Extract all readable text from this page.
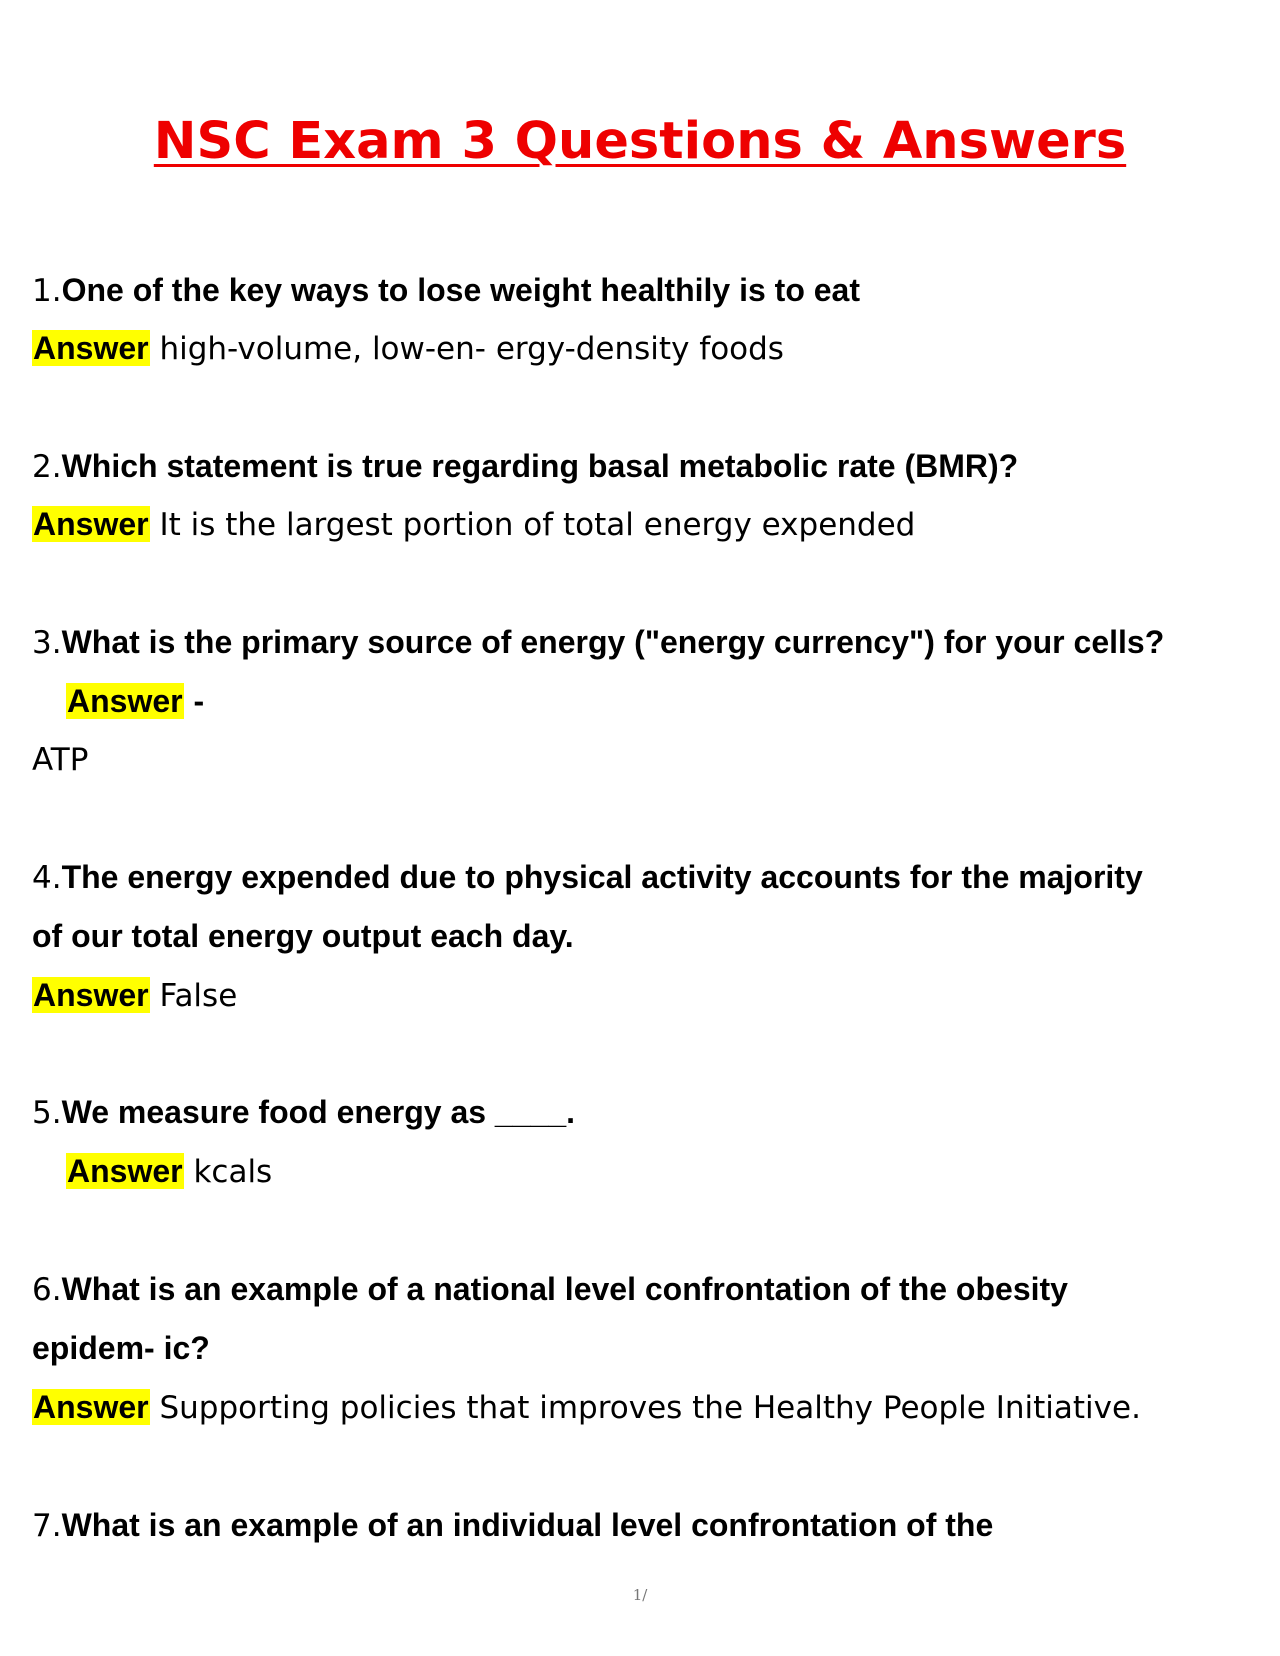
NSC Exam 3 Questions & Answers
1.One of the key ways to lose weight healthily is to eat
Answer high-volume, low-en- ergy-density foods
2.Which statement is true regarding basal metabolic rate (BMR)?
Answer It is the largest portion of total energy expended
3.What is the primary source of energy ("energy currency") for your cells?
Answer -
ATP
4.The energy expended due to physical activity accounts for the majority
of our total energy output each day.
Answer False
5.We measure food energy as ____.
Answer kcals
6.What is an example of a national level confrontation of the obesity
epidem- ic?
Answer Supporting policies that improves the Healthy People Initiative.
7.What is an example of an individual level confrontation of the
1/
